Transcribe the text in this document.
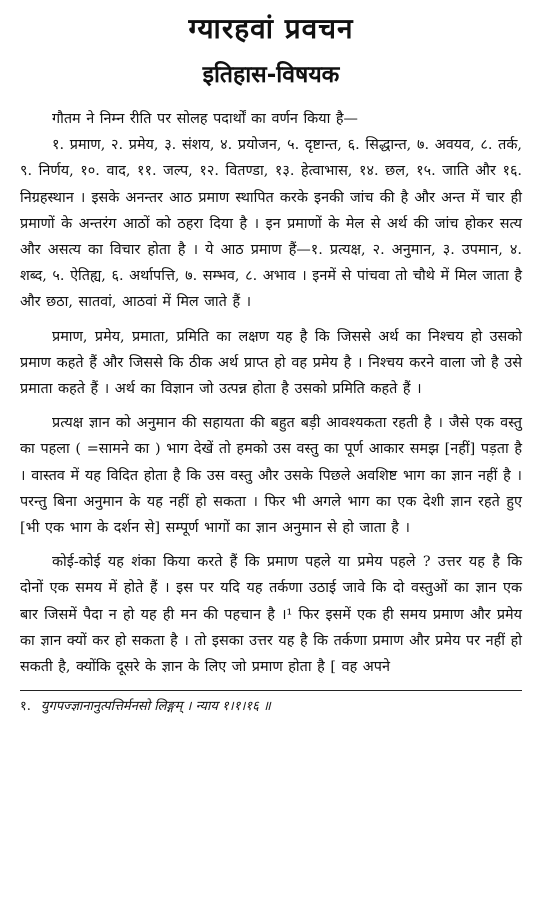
ग्यारहवां प्रवचन
इतिहास-विषयक

गौतम ने निम्न रीति पर सोलह पदार्थों का वर्णन किया है—

१. प्रमाण, २. प्रमेय, ३. संशय, ४. प्रयोजन, ५. दृष्टान्त, ६. सिद्धान्त, ७. अवयव, ८. तर्क, ९. निर्णय, १०. वाद, ११. जल्प, १२. वितण्डा, १३. हेत्वाभास, १४. छल, १५. जाति और १६. निग्रहस्थान । इसके अनन्तर आठ प्रमाण स्थापित करके इनकी जांच की है और अन्त में चार ही प्रमाणों के अन्तरंग आठों को ठहरा दिया है । इन प्रमाणों के मेल से अर्थ की जांच होकर सत्य और असत्य का विचार होता है । ये आठ प्रमाण हैं—१. प्रत्यक्ष, २. अनुमान, ३. उपमान, ४. शब्द, ५. ऐतिह्य, ६. अर्थापत्ति, ७. सम्भव, ८. अभाव । इनमें से पांचवा तो चौथे में मिल जाता है और छठा, सातवां, आठवां में मिल जाते हैं ।

प्रमाण, प्रमेय, प्रमाता, प्रमिति का लक्षण यह है कि जिससे अर्थ का निश्चय हो उसको प्रमाण कहते हैं और जिससे कि ठीक अर्थ प्राप्त हो वह प्रमेय है । निश्चय करने वाला जो है उसे प्रमाता कहते हैं । अर्थ का विज्ञान जो उत्पन्न होता है उसको प्रमिति कहते हैं ।

प्रत्यक्ष ज्ञान को अनुमान की सहायता की बहुत बड़ी आवश्यकता रहती है । जैसे एक वस्तु का पहला ( =सामने का ) भाग देखें तो हमको उस वस्तु का पूर्ण आकार समझ [नहीं] पड़ता है । वास्तव में यह विदित होता है कि उस वस्तु और उसके पिछले अवशिष्ट भाग का ज्ञान नहीं है । परन्तु बिना अनुमान के यह नहीं हो सकता । फिर भी अगले भाग का एक देशी ज्ञान रहते हुए [भी एक भाग के दर्शन से] सम्पूर्ण भागों का ज्ञान अनुमान से हो जाता है ।

कोई-कोई यह शंका किया करते हैं कि प्रमाण पहले या प्रमेय पहले ? उत्तर यह है कि दोनों एक समय में होते हैं । इस पर यदि यह तर्कणा उठाई जावे कि दो वस्तुओं का ज्ञान एक बार जिसमें पैदा न हो यह ही मन की पहचान है ।¹ फिर इसमें एक ही समय प्रमाण और प्रमेय का ज्ञान क्यों कर हो सकता है । तो इसका उत्तर यह है कि तर्कणा प्रमाण और प्रमेय पर नहीं हो सकती है, क्योंकि दूसरे के ज्ञान के लिए जो प्रमाण होता है [ वह अपने

१. युगपज्ज्ञानानुत्पत्तिर्मनसो लिङ्गम् । न्याय १।१।१६ ॥
